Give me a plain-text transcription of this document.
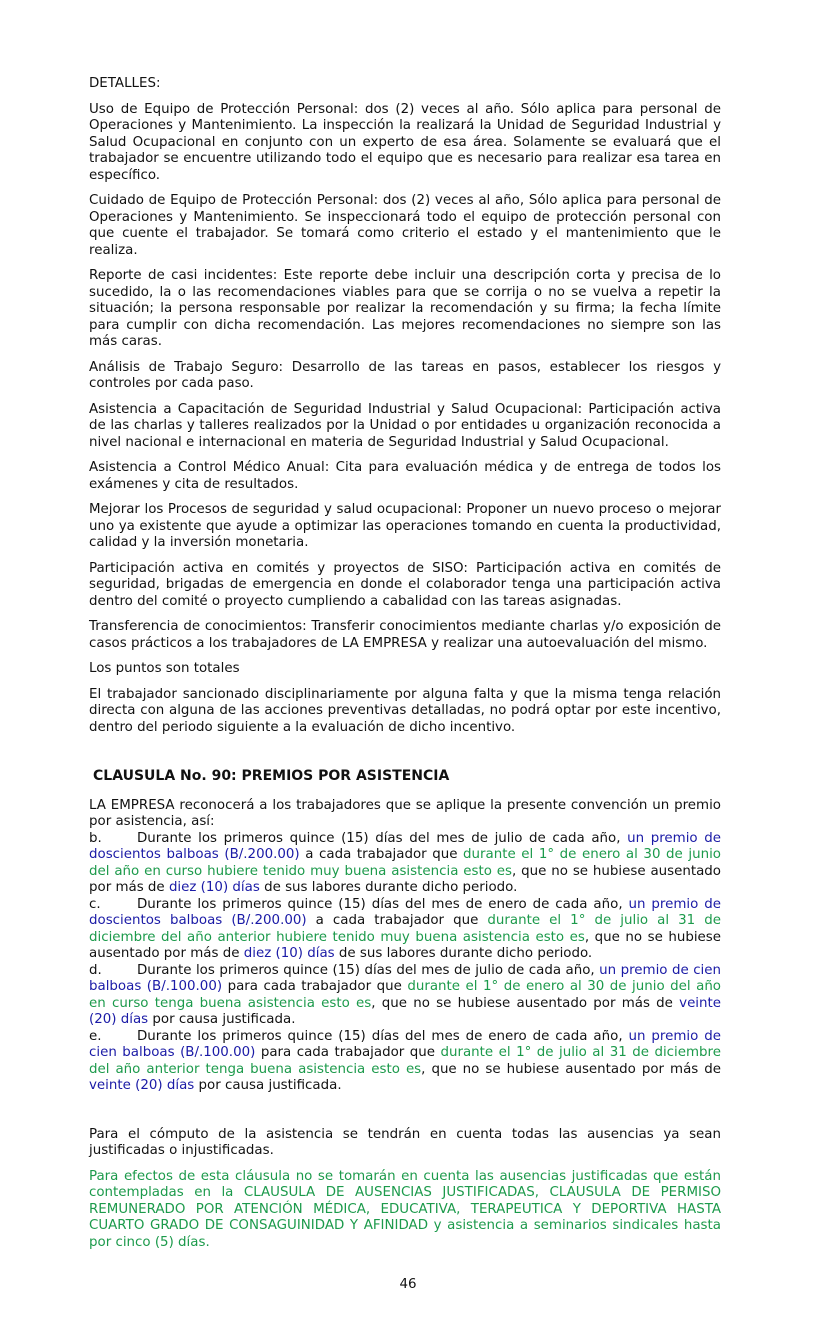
DETALLES:

Uso de Equipo de Protección Personal: dos (2) veces al año. Sólo aplica para personal de Operaciones y Mantenimiento. La inspección la realizará la Unidad de Seguridad Industrial y Salud Ocupacional en conjunto con un experto de esa área. Solamente se evaluará que el trabajador se encuentre utilizando todo el equipo que es necesario para realizar esa tarea en específico.

Cuidado de Equipo de Protección Personal: dos (2) veces al año, Sólo aplica para personal de Operaciones y Mantenimiento. Se inspeccionará todo el equipo de protección personal con que cuente el trabajador. Se tomará como criterio el estado y el mantenimiento que le realiza.

Reporte de casi incidentes: Este reporte debe incluir una descripción corta y precisa de lo sucedido, la o las recomendaciones viables para que se corrija o no se vuelva a repetir la situación; la persona responsable por realizar la recomendación y su firma; la fecha límite para cumplir con dicha recomendación. Las mejores recomendaciones no siempre son las más caras.

Análisis de Trabajo Seguro: Desarrollo de las tareas en pasos, establecer los riesgos y controles por cada paso.

Asistencia a Capacitación de Seguridad Industrial y Salud Ocupacional: Participación activa de las charlas y talleres realizados por la Unidad o por entidades u organización reconocida a nivel nacional e internacional en materia de Seguridad Industrial y Salud Ocupacional.

Asistencia a Control Médico Anual: Cita para evaluación médica y de entrega de todos los exámenes y cita de resultados.

Mejorar los Procesos de seguridad y salud ocupacional: Proponer un nuevo proceso o mejorar uno ya existente que ayude a optimizar las operaciones tomando en cuenta la productividad, calidad y la inversión monetaria.

Participación activa en comités y proyectos de SISO: Participación activa en comités de seguridad, brigadas de emergencia en donde el colaborador tenga una participación activa dentro del comité o proyecto cumpliendo a cabalidad con las tareas asignadas.

Transferencia de conocimientos: Transferir conocimientos mediante charlas y/o exposición de casos prácticos a los trabajadores de LA EMPRESA y realizar una autoevaluación del mismo.

Los puntos son totales

El trabajador sancionado disciplinariamente por alguna falta y que la misma tenga relación directa con alguna de las acciones preventivas detalladas, no podrá optar por este incentivo, dentro del periodo siguiente a la evaluación de dicho incentivo.

CLAUSULA No. 90: PREMIOS POR ASISTENCIA
LA EMPRESA reconocerá a los trabajadores que se aplique la presente convención un premio por asistencia, así:
b.	Durante los primeros quince (15) días del mes de julio de cada año, un premio de doscientos balboas (B/.200.00) a cada trabajador que durante el 1° de enero al 30 de junio del año en curso hubiere tenido muy buena asistencia esto es, que no se hubiese ausentado por más de diez (10) días de sus labores durante dicho periodo.
c.	Durante los primeros quince (15) días del mes de enero de cada año, un premio de doscientos balboas (B/.200.00) a cada trabajador que durante el 1° de julio al 31 de diciembre del año anterior hubiere tenido muy buena asistencia esto es, que no se hubiese ausentado por más de diez (10) días de sus labores durante dicho periodo.
d.	Durante los primeros quince (15) días del mes de julio de cada año, un premio de cien balboas (B/.100.00) para cada trabajador que durante el 1° de enero al 30 de junio del año en curso tenga buena asistencia esto es, que no se hubiese ausentado por más de veinte (20) días por causa justificada.
e.	Durante los primeros quince (15) días del mes de enero de cada año, un premio de cien balboas (B/.100.00) para cada trabajador que durante el 1° de julio al 31 de diciembre del año anterior tenga buena asistencia esto es, que no se hubiese ausentado por más de veinte (20) días por causa justificada.

Para el cómputo de la asistencia se tendrán en cuenta todas las ausencias ya sean justificadas o injustificadas.

Para efectos de esta cláusula no se tomarán en cuenta las ausencias justificadas que están contempladas en la CLAUSULA DE AUSENCIAS JUSTIFICADAS, CLAUSULA DE PERMISO REMUNERADO POR ATENCIÓN MÉDICA, EDUCATIVA, TERAPEUTICA Y DEPORTIVA HASTA CUARTO GRADO DE CONSAGUINIDAD Y AFINIDAD y asistencia a seminarios sindicales hasta por cinco (5) días.

46
